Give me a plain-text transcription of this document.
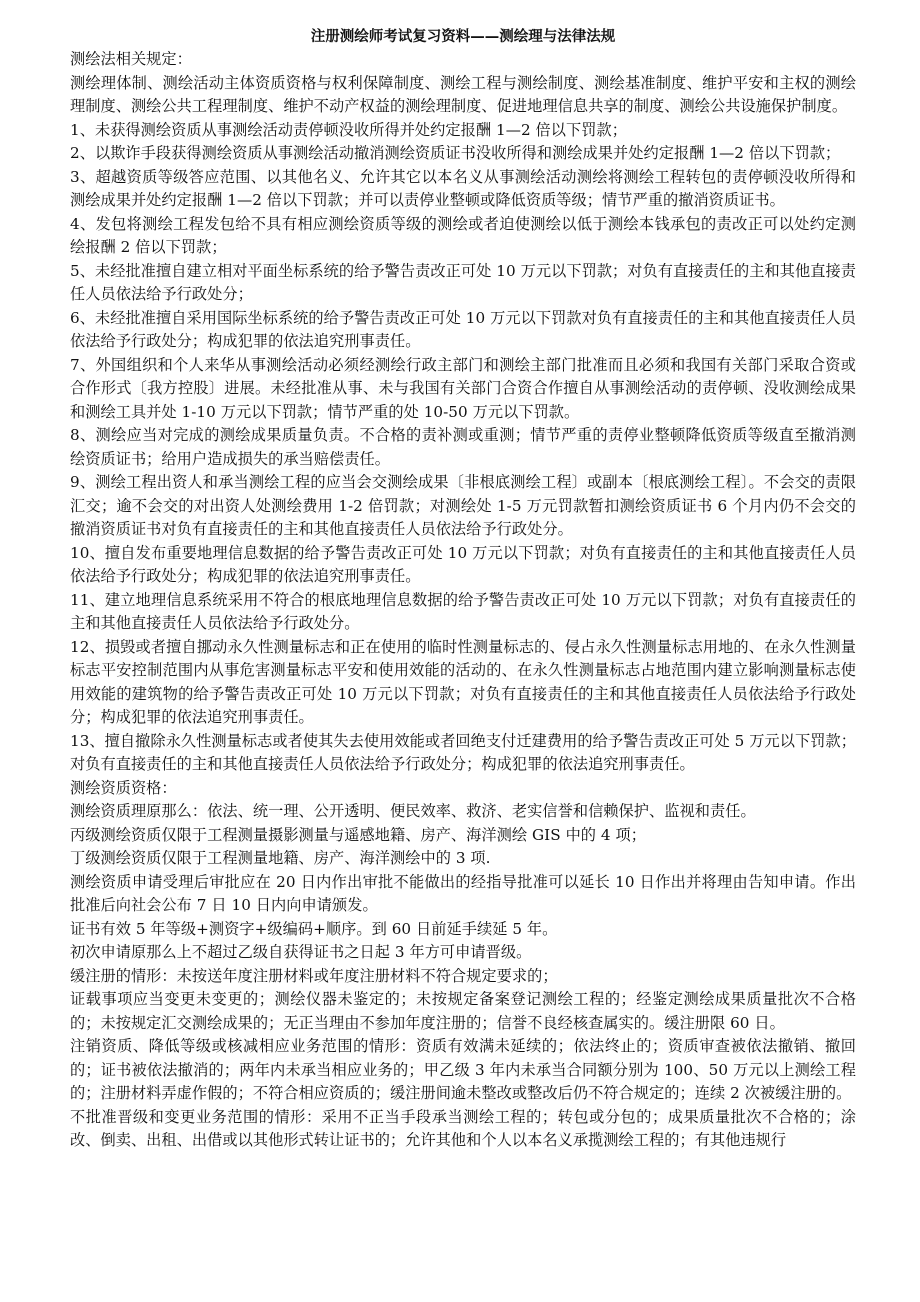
注册测绘师考试复习资料——测绘理与法律法规

测绘法相关规定：

测绘理体制、测绘活动主体资质资格与权利保障制度、测绘工程与测绘制度、测绘基准制度、维护平安和主权的测绘理制度、测绘公共工程理制度、维护不动产权益的测绘理制度、促进地理信息共享的制度、测绘公共设施保护制度。

1、未获得测绘资质从事测绘活动责停顿没收所得并处约定报酬 1—2 倍以下罚款；

2、以欺诈手段获得测绘资质从事测绘活动撤消测绘资质证书没收所得和测绘成果并处约定报酬 1—2 倍以下罚款；

3、超越资质等级答应范围、以其他名义、允许其它以本名义从事测绘活动测绘将测绘工程转包的责停顿没收所得和测绘成果并处约定报酬 1—2 倍以下罚款；并可以责停业整顿或降低资质等级；情节严重的撤消资质证书。

4、发包将测绘工程发包给不具有相应测绘资质等级的测绘或者迫使测绘以低于测绘本钱承包的责改正可以处约定测绘报酬 2 倍以下罚款；

5、未经批准擅自建立相对平面坐标系统的给予警告责改正可处 10 万元以下罚款；对负有直接责任的主和其他直接责任人员依法给予行政处分；

6、未经批准擅自采用国际坐标系统的给予警告责改正可处 10 万元以下罚款对负有直接责任的主和其他直接责任人员依法给予行政处分；构成犯罪的依法追究刑事责任。

7、外国组织和个人来华从事测绘活动必须经测绘行政主部门和测绘主部门批准而且必须和我国有关部门采取合资或合作形式〔我方控股〕进展。未经批准从事、未与我国有关部门合资合作擅自从事测绘活动的责停顿、没收测绘成果和测绘工具并处 1-10 万元以下罚款；情节严重的处 10-50 万元以下罚款。

8、测绘应当对完成的测绘成果质量负责。不合格的责补测或重测；情节严重的责停业整顿降低资质等级直至撤消测绘资质证书；给用户造成损失的承当赔偿责任。

9、测绘工程出资人和承当测绘工程的应当会交测绘成果〔非根底测绘工程〕或副本〔根底测绘工程〕。不会交的责限汇交；逾不会交的对出资人处测绘费用 1-2 倍罚款；对测绘处 1-5 万元罚款暂扣测绘资质证书 6 个月内仍不会交的撤消资质证书对负有直接责任的主和其他直接责任人员依法给予行政处分。

10、擅自发布重要地理信息数据的给予警告责改正可处 10 万元以下罚款；对负有直接责任的主和其他直接责任人员依法给予行政处分；构成犯罪的依法追究刑事责任。

11、建立地理信息系统采用不符合的根底地理信息数据的给予警告责改正可处 10 万元以下罚款；对负有直接责任的主和其他直接责任人员依法给予行政处分。

12、损毁或者擅自挪动永久性测量标志和正在使用的临时性测量标志的、侵占永久性测量标志用地的、在永久性测量标志平安控制范围内从事危害测量标志平安和使用效能的活动的、在永久性测量标志占地范围内建立影响测量标志使用效能的建筑物的给予警告责改正可处 10 万元以下罚款；对负有直接责任的主和其他直接责任人员依法给予行政处分；构成犯罪的依法追究刑事责任。

13、擅自撤除永久性测量标志或者使其失去使用效能或者回绝支付迁建费用的给予警告责改正可处 5 万元以下罚款；对负有直接责任的主和其他直接责任人员依法给予行政处分；构成犯罪的依法追究刑事责任。

测绘资质资格：

测绘资质理原那么：依法、统一理、公开透明、便民效率、救济、老实信誉和信赖保护、监视和责任。

丙级测绘资质仅限于工程测量摄影测量与遥感地籍、房产、海洋测绘 GIS 中的 4 项；

丁级测绘资质仅限于工程测量地籍、房产、海洋测绘中的 3 项.

测绘资质申请受理后审批应在 20 日内作出审批不能做出的经指导批准可以延长 10 日作出并将理由告知申请。作出批准后向社会公布 7 日 10 日内向申请颁发。

证书有效 5 年等级+测资字+级编码+顺序。到 60 日前延手续延 5 年。

初次申请原那么上不超过乙级自获得证书之日起 3 年方可申请晋级。

缓注册的情形：未按送年度注册材料或年度注册材料不符合规定要求的；

证载事项应当变更未变更的；测绘仪器未鉴定的；未按规定备案登记测绘工程的；经鉴定测绘成果质量批次不合格的；未按规定汇交测绘成果的；无正当理由不参加年度注册的；信誉不良经核查属实的。缓注册限 60 日。

注销资质、降低等级或核减相应业务范围的情形：资质有效满未延续的；依法终止的；资质审查被依法撤销、撤回的；证书被依法撤消的；两年内未承当相应业务的；甲乙级 3 年内未承当合同额分别为 100、50 万元以上测绘工程的；注册材料弄虚作假的；不符合相应资质的；缓注册间逾未整改或整改后仍不符合规定的；连续 2 次被缓注册的。

不批准晋级和变更业务范围的情形：采用不正当手段承当测绘工程的；转包或分包的；成果质量批次不合格的；涂改、倒卖、出租、出借或以其他形式转让证书的；允许其他和个人以本名义承揽测绘工程的；有其他违规行
